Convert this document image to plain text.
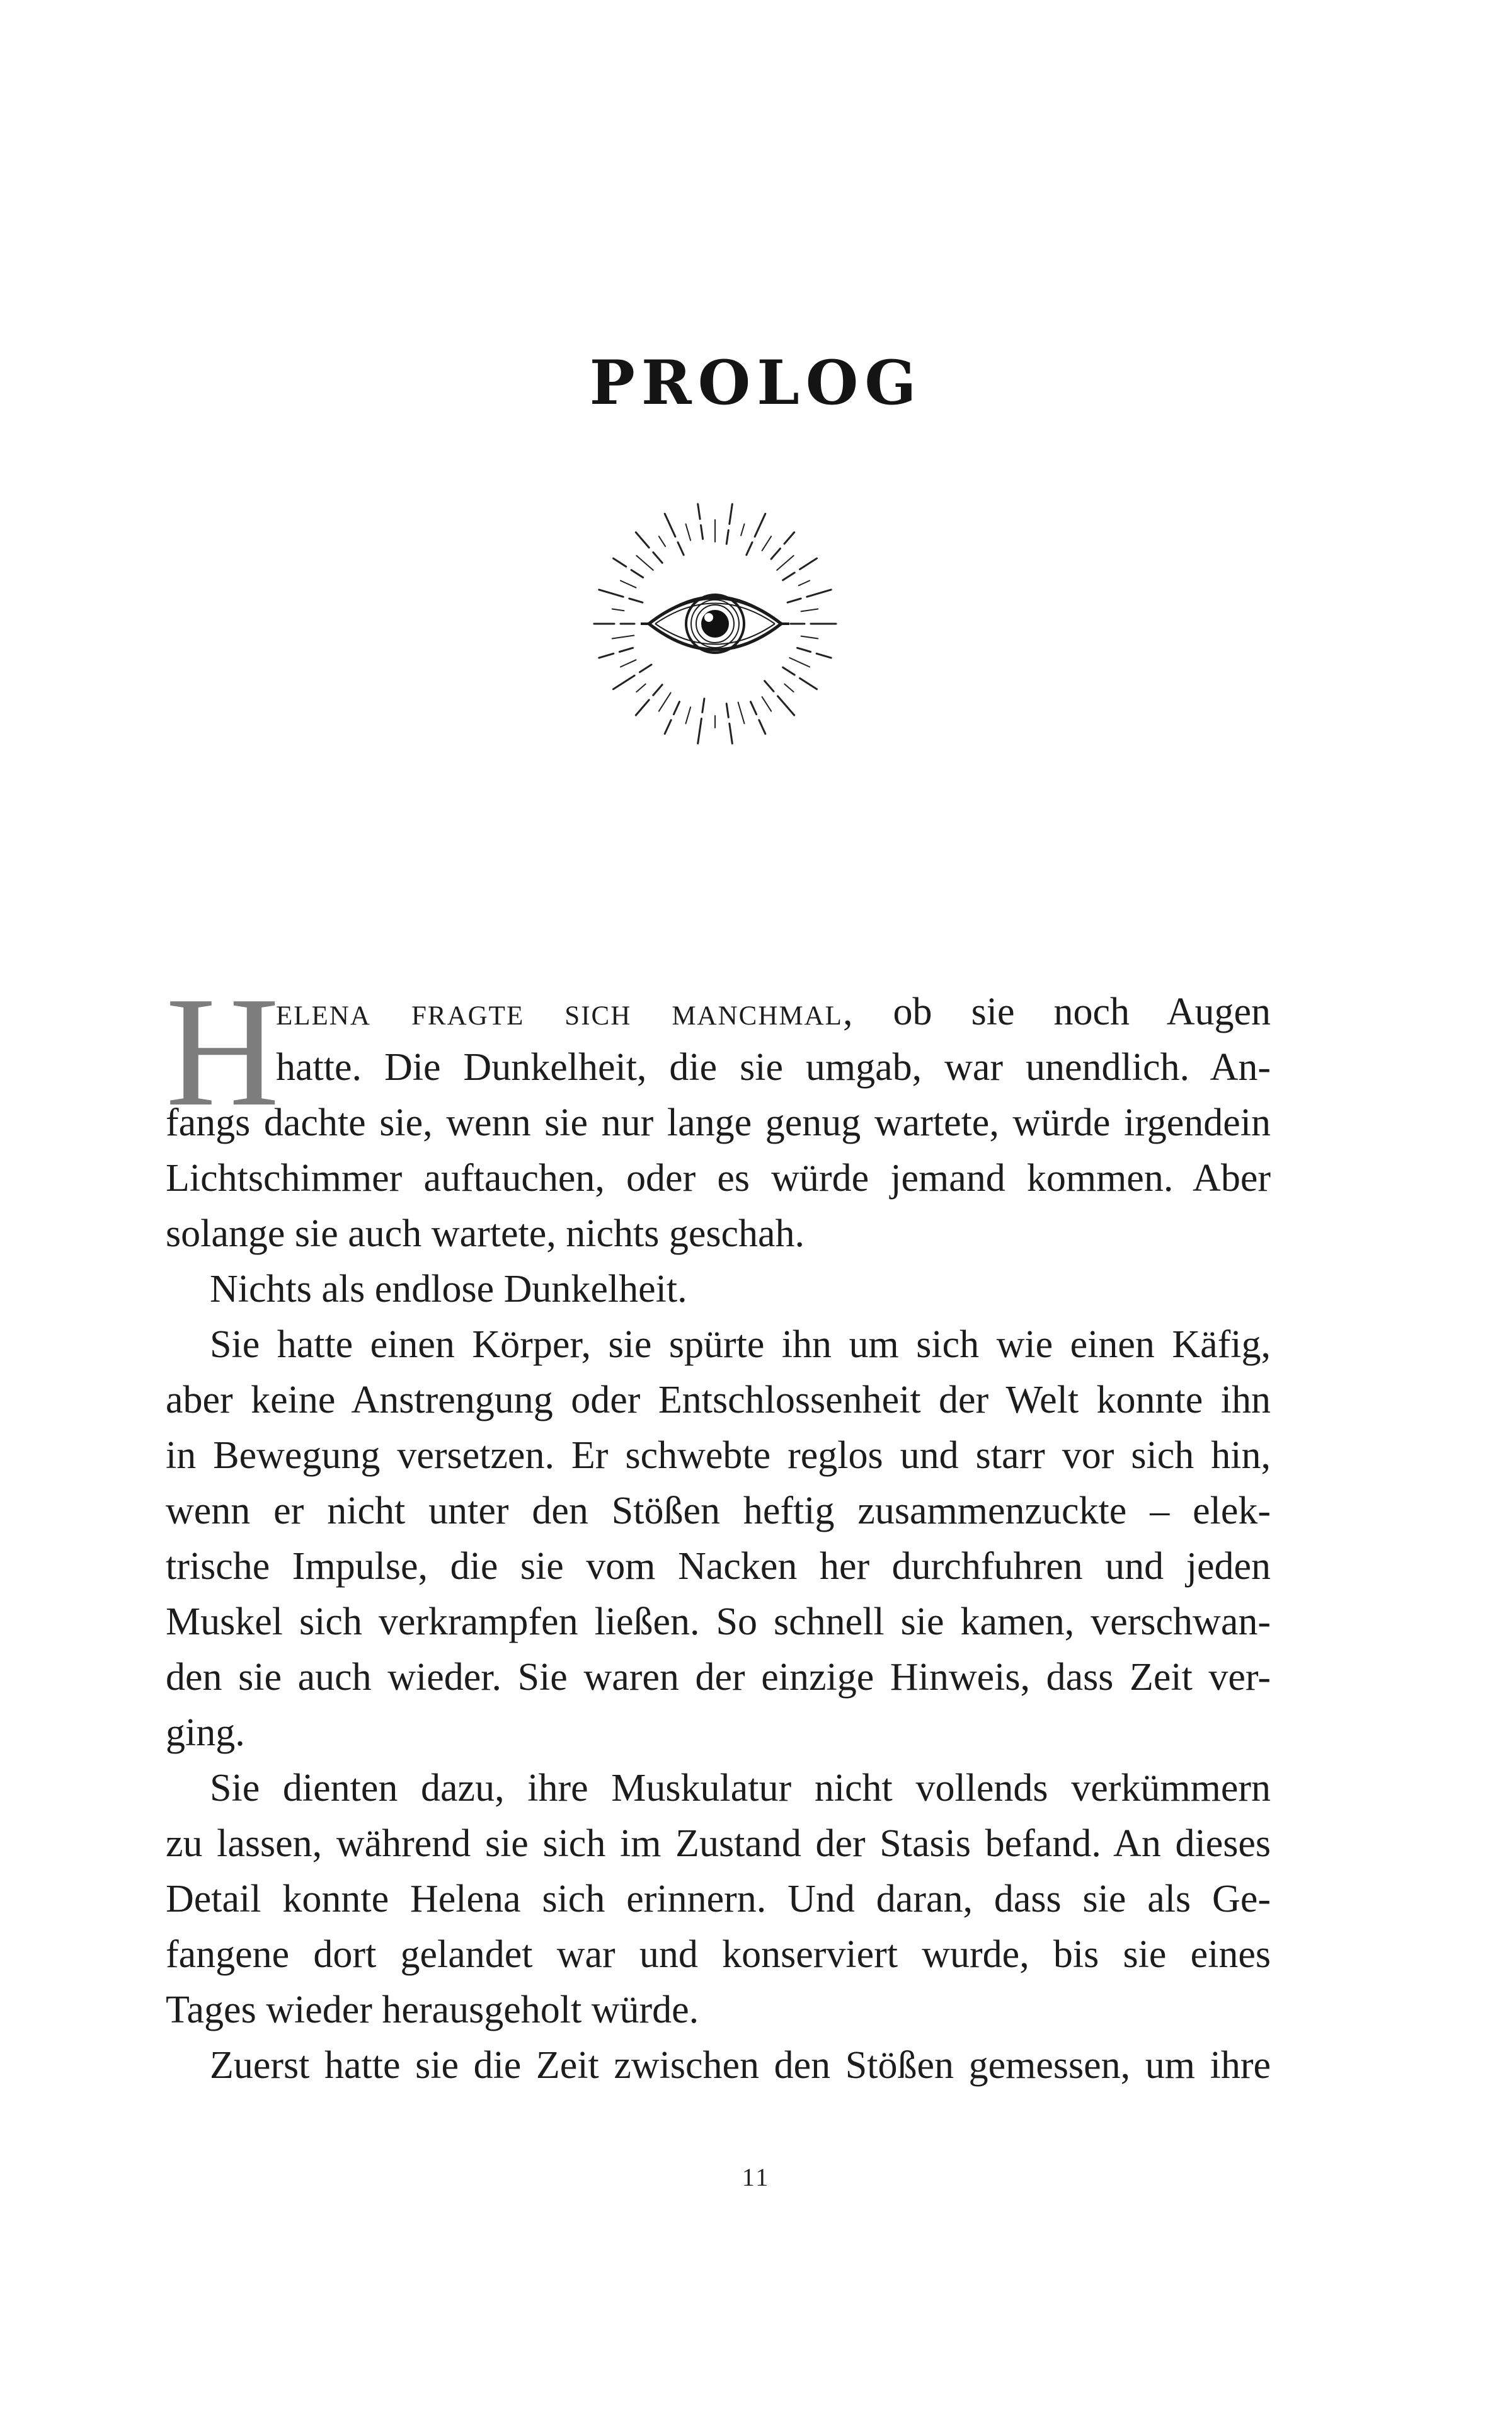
PROLOG
H

elena fragte sich manchmal, ob sie noch Augen
hatte. Die Dunkelheit, die sie umgab, war unendlich. An-
fangs dachte sie, wenn sie nur lange genug wartete, würde irgendein
Lichtschimmer auftauchen, oder es würde jemand kommen. Aber
solange sie auch wartete, nichts geschah.

Nichts als endlose Dunkelheit.

Sie hatte einen Körper, sie spürte ihn um sich wie einen Käfig,
aber keine Anstrengung oder Entschlossenheit der Welt konnte ihn
in Bewegung versetzen. Er schwebte reglos und starr vor sich hin,
wenn er nicht unter den Stößen heftig zusammenzuckte – elek-
trische Impulse, die sie vom Nacken her durchfuhren und jeden
Muskel sich verkrampfen ließen. So schnell sie kamen, verschwan-
den sie auch wieder. Sie waren der einzige Hinweis, dass Zeit ver-
ging.

Sie dienten dazu, ihre Muskulatur nicht vollends verkümmern
zu lassen, während sie sich im Zustand der Stasis befand. An dieses
Detail konnte Helena sich erinnern. Und daran, dass sie als Ge-
fangene dort gelandet war und konserviert wurde, bis sie eines
Tages wieder herausgeholt würde.

Zuerst hatte sie die Zeit zwischen den Stößen gemessen, um ihre

11
